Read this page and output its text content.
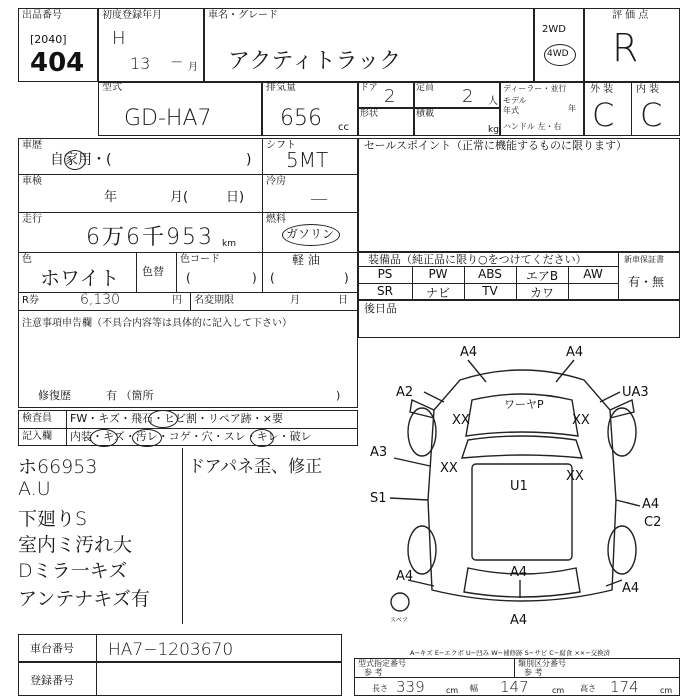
出品番号
[2040]
404
初度登録年月
H
13 − 月
車名・グレード
アクティトラック
2WD
4WD
評 価 点
R
型式
GD-HA7
排気量
656 cc
ドア 2 定員 2 人
形状	積載
kg
ディーラー・並行
モデル
年式	年
ハンドル 左・右
外 装 内 装
C C
車歴
自家用・(	)
シフト
5MT
車検
年	月(	日)
冷房
—
走行
6万6千953 km
燃料
ガソリン
色
ホワイト 色替
色コード	軽 油
(	)
(	)
R券	6,130	円 名変期限	月	日
注意事項申告欄（不具合内容等は具体的に記入して下さい）
修復歴	有 （箇所	)
検査員
記入欄
FW・キズ・飛石・ヒビ割・リペア跡・×要
内装・キズ・汚レ・コゲ・穴・スレ・キレ・破レ
ホ66953
A.U
下廻りS
室内ミ汚れ大
Dミラ一キズ
アンテナキズ有
ドアパネ歪、修正
セールスポイント（正常に機能するものに限ります）
装備品（純正品に限り○をつけてください）	新車保証書
有・無
PS	PW	ABS	エアB	AW
SR	ナビ	TV	カワ
後日品
A4	A4
A2
XX
ワーヤP
XX
UA3
A3
XX
U1
XX
S1	A4
C2
A4
A4
A4
A4
スペア
A−キズ E−エクボ U−凹み W−補修跡 S−サビ C−腐食 ××−交換済
車台番号 HA7−1203670
登録番号
型式指定番号
参 考
類別区分番号
参 考
長さ 339	cm 幅 147	cm 高さ 174	cm
